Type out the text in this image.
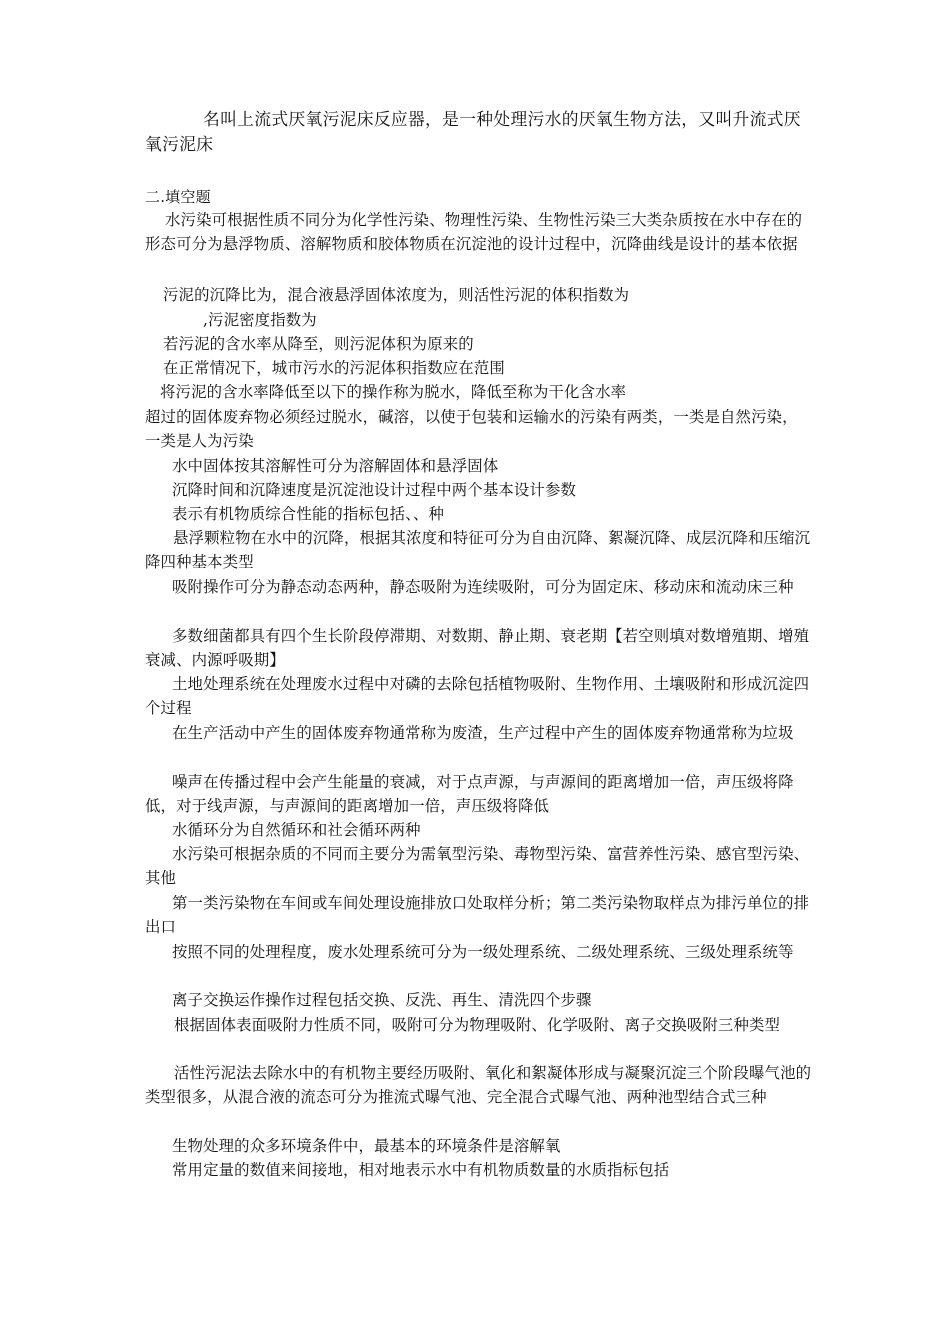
名叫上流式厌氧污泥床反应器，是一种处理污水的厌氧生物方法，又叫升流式厌氧污泥床

二.填空题

水污染可根据性质不同分为化学性污染、物理性污染、生物性污染三大类杂质按在水中存在的形态可分为悬浮物质、溶解物质和胶体物质在沉淀池的设计过程中，沉降曲线是设计的基本依据

污泥的沉降比为，混合液悬浮固体浓度为，则活性污泥的体积指数为

,污泥密度指数为

若污泥的含水率从降至，则污泥体积为原来的

在正常情况下，城市污水的污泥体积指数应在范围

将污泥的含水率降低至以下的操作称为脱水，降低至称为干化含水率

超过的固体废弃物必须经过脱水，碱溶，以使于包装和运输水的污染有两类，一类是自然污染，一类是人为污染

水中固体按其溶解性可分为溶解固体和悬浮固体

沉降时间和沉降速度是沉淀池设计过程中两个基本设计参数

表示有机物质综合性能的指标包括、、种

悬浮颗粒物在水中的沉降，根据其浓度和特征可分为自由沉降、絮凝沉降、成层沉降和压缩沉降四种基本类型

吸附操作可分为静态动态两种，静态吸附为连续吸附，可分为固定床、移动床和流动床三种

多数细菌都具有四个生长阶段停滞期、对数期、静止期、衰老期【若空则填对数增殖期、增殖衰减、内源呼吸期】

土地处理系统在处理废水过程中对磷的去除包括植物吸附、生物作用、土壤吸附和形成沉淀四个过程

在生产活动中产生的固体废弃物通常称为废渣，生产过程中产生的固体废弃物通常称为垃圾

噪声在传播过程中会产生能量的衰减，对于点声源，与声源间的距离增加一倍，声压级将降低，对于线声源，与声源间的距离增加一倍，声压级将降低

水循环分为自然循环和社会循环两种

水污染可根据杂质的不同而主要分为需氧型污染、毒物型污染、富营养性污染、感官型污染、其他

第一类污染物在车间或车间处理设施排放口处取样分析；第二类污染物取样点为排污单位的排出口

按照不同的处理程度，废水处理系统可分为一级处理系统、二级处理系统、三级处理系统等

离子交换运作操作过程包括交换、反洗、再生、清洗四个步骤

根据固体表面吸附力性质不同，吸附可分为物理吸附、化学吸附、离子交换吸附三种类型

活性污泥法去除水中的有机物主要经历吸附、氧化和絮凝体形成与凝聚沉淀三个阶段曝气池的类型很多，从混合液的流态可分为推流式曝气池、完全混合式曝气池、两种池型结合式三种

生物处理的众多环境条件中，最基本的环境条件是溶解氧

常用定量的数值来间接地，相对地表示水中有机物质数量的水质指标包括
